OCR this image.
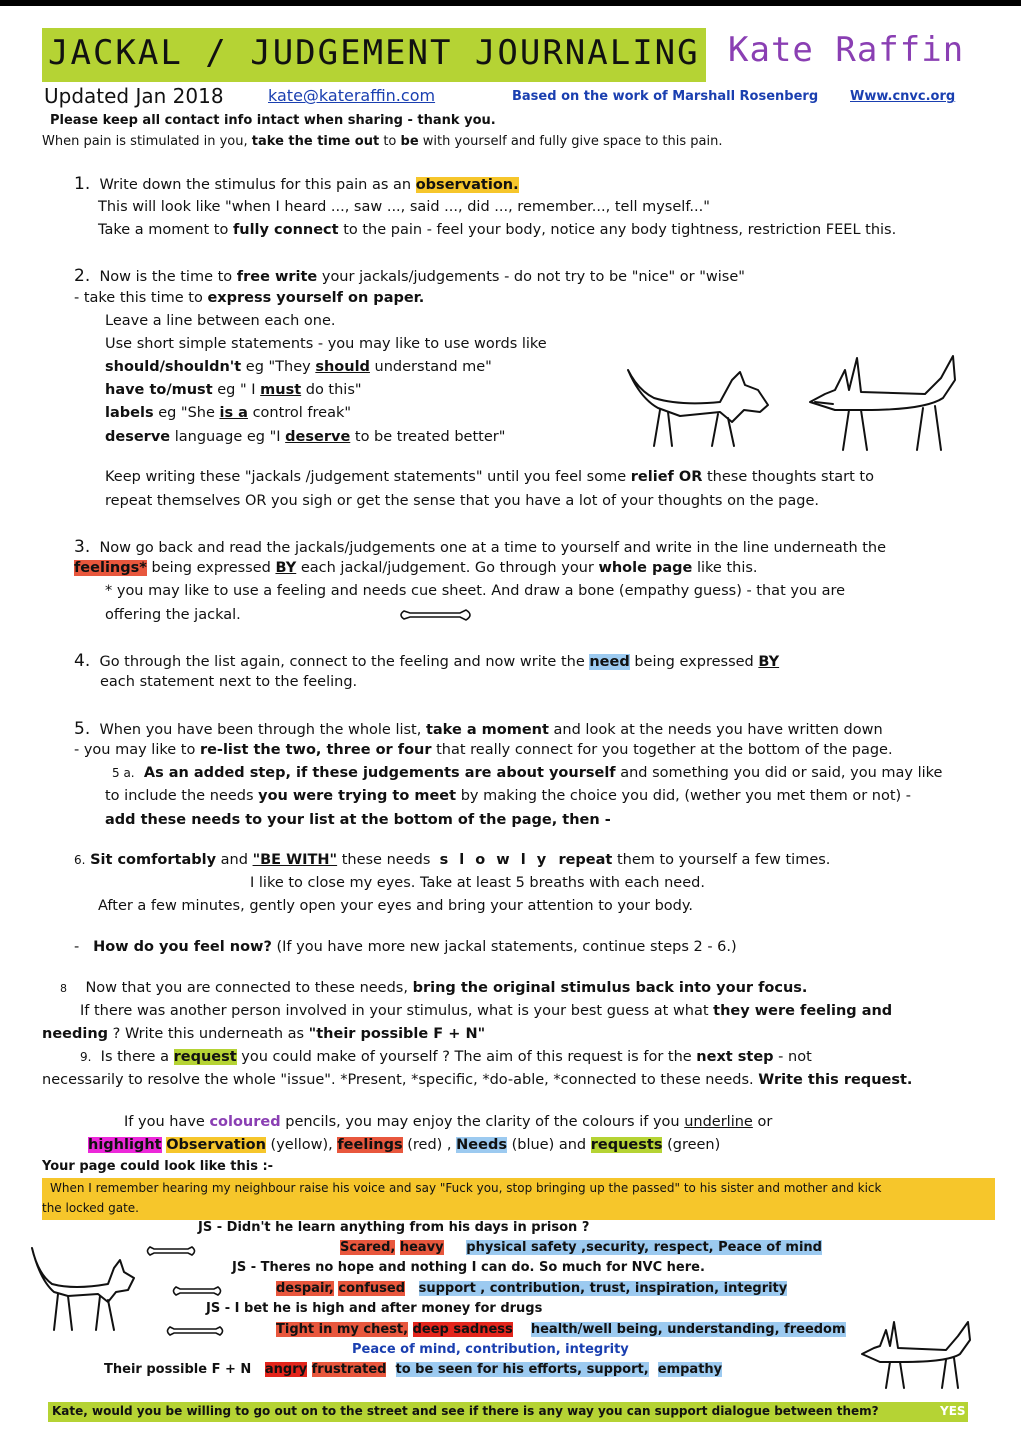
JACKAL / JUDGEMENT JOURNALING Kate Raffin
Updated Jan 2018	kate@kateraffin.com	Based on the work of Marshall Rosenberg Www.cnvc.org
Please keep all contact info intact when sharing - thank you.
When pain is stimulated in you, take the time out to be with yourself and fully give space to this pain.
1. Write down the stimulus for this pain as an observation.
This will look like "when I heard ..., saw ..., said ..., did ..., remember..., tell myself..."
Take a moment to fully connect to the pain - feel your body, notice any body tightness, restriction FEEL this.
2. Now is the time to free write your jackals/judgements - do not try to be "nice" or "wise"
- take this time to express yourself on paper.
Leave a line between each one.
Use short simple statements - you may like to use words like
should/shouldn't eg "They should understand me"
have to/must eg " I must do this"
labels eg "She is a control freak"
deserve language eg "I deserve to be treated better"
Keep writing these "jackals /judgement statements" until you feel some relief OR these thoughts start to
repeat themselves OR you sigh or get the sense that you have a lot of your thoughts on the page.
3. Now go back and read the jackals/judgements one at a time to yourself and write in the line underneath the
feelings* being expressed BY each jackal/judgement. Go through your whole page like this.
* you may like to use a feeling and needs cue sheet. And draw a bone (empathy guess) - that you are
offering the jackal.
4. Go through the list again, connect to the feeling and now write the need being expressed BY
each statement next to the feeling.
5. When you have been through the whole list, take a moment and look at the needs you have written down
- you may like to re-list the two, three or four that really connect for you together at the bottom of the page.
5 a. As an added step, if these judgements are about yourself and something you did or said, you may like
to include the needs you were trying to meet by making the choice you did, (wether you met them or not) -
add these needs to your list at the bottom of the page, then -
6. Sit comfortably and "BE WITH" these needs s l o w l y repeat them to yourself a few times.
I like to close my eyes. Take at least 5 breaths with each need.
After a few minutes, gently open your eyes and bring your attention to your body.
- How do you feel now? (If you have more new jackal statements, continue steps 2 - 6.)
8 Now that you are connected to these needs, bring the original stimulus back into your focus.
If there was another person involved in your stimulus, what is your best guess at what they were feeling and
needing ? Write this underneath as "their possible F + N"
9. Is there a request you could make of yourself ? The aim of this request is for the next step - not
necessarily to resolve the whole "issue". *Present, *specific, *do-able, *connected to these needs. Write this request.
If you have coloured pencils, you may enjoy the clarity of the colours if you underline or
highlight Observation (yellow), feelings (red) , Needs (blue) and requests (green)
Your page could look like this :-
When I remember hearing my neighbour raise his voice and say "Fuck you, stop bringing up the passed" to his sister and mother and kick
the locked gate.
JS - Didn't he learn anything from his days in prison ?
Scared, heavy physical safety ,security, respect, Peace of mind
JS - Theres no hope and nothing I can do. So much for NVC here.
despair, confused support , contribution, trust, inspiration, integrity
JS - I bet he is high and after money for drugs
Tight in my chest, deep sadness health/well being, understanding, freedom
Peace of mind, contribution, integrity
Their possible F + N angry frustrated to be seen for his efforts, support, empathy
Kate, would you be willing to go out on to the street and see if there is any way you can support dialogue between them?	YES
